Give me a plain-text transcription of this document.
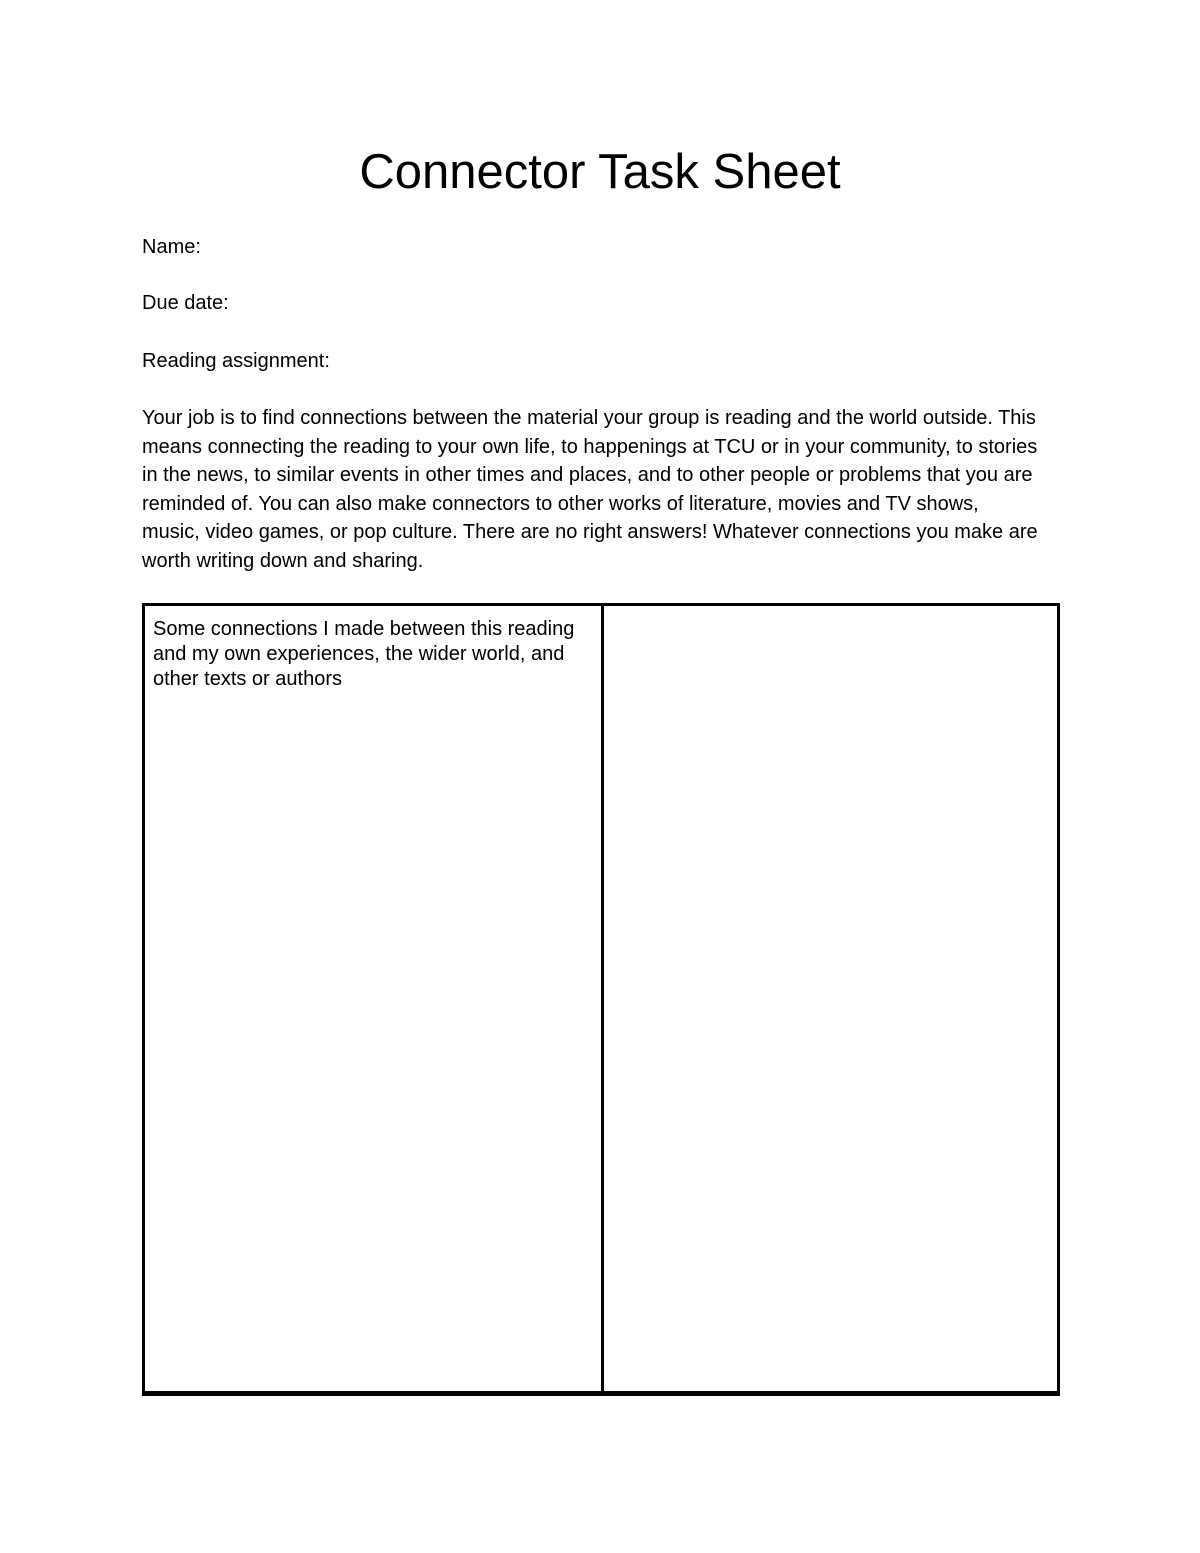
Connector Task Sheet

Name:

Due date:

Reading assignment:

Your job is to find connections between the material your group is reading and the world outside. This means connecting the reading to your own life, to happenings at TCU or in your community, to stories in the news, to similar events in other times and places, and to other people or problems that you are reminded of. You can also make connectors to other works of literature, movies and TV shows, music, video games, or pop culture. There are no right answers! Whatever connections you make are worth writing down and sharing.

Some connections I made between this reading and my own experiences, the wider world, and other texts or authors
